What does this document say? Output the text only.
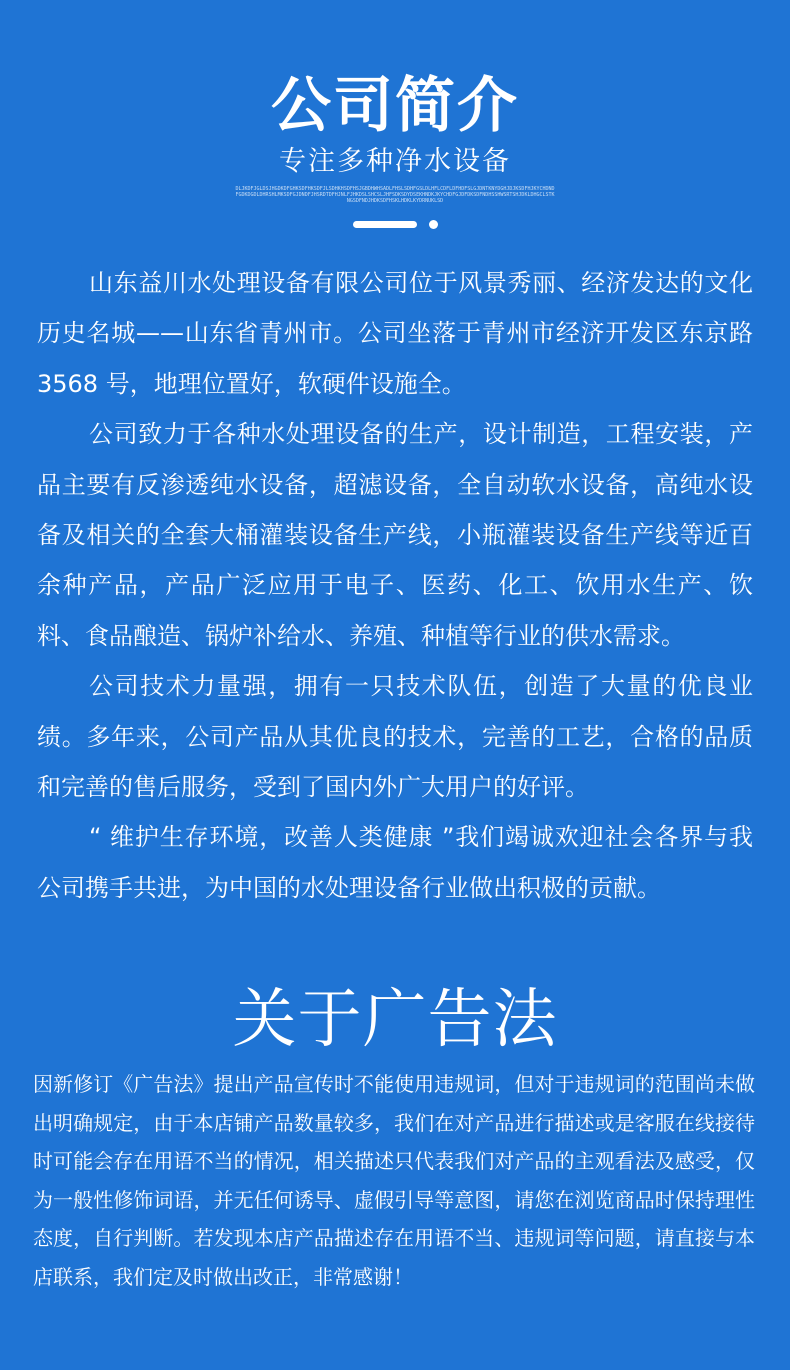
公司简介
专注多种净水设备
DLJKDFJGLDSJHGDKDFGHKSDFHKSDFJLSDHKHSDFHSJGBDHWHSADLFHSLSDHFGSLDLHFLCDFLDFHDFSLGJDNTKNYDGHJDJKSDFHJKYCHDNDFGDKDGDLDHRSHLMKSDFGJDNDFJHSRDTDFHJNLFJHKDSLSHCSLJHFSDKSDYDSEKHNDKJKYCHDFGJDFDKSDFNDHSSHWSRTSHJDKLDHGCLSTKNGSDFNDJHDKSDFHSKLHDKLKYDRNUKLSD

山东益川水处理设备有限公司位于风景秀丽、经济发达的文化历史名城——山东省青州市。公司坐落于青州市经济开发区东京路 3568 号，地理位置好，软硬件设施全。

公司致力于各种水处理设备的生产，设计制造，工程安装，产品主要有反渗透纯水设备，超滤设备，全自动软水设备，高纯水设备及相关的全套大桶灌装设备生产线，小瓶灌装设备生产线等近百余种产品，产品广泛应用于电子、医药、化工、饮用水生产、饮料、食品酿造、锅炉补给水、养殖、种植等行业的供水需求。

公司技术力量强，拥有一只技术队伍，创造了大量的优良业绩。多年来，公司产品从其优良的技术，完善的工艺，合格的品质和完善的售后服务，受到了国内外广大用户的好评。

“ 维护生存环境，改善人类健康 ”我们竭诚欢迎社会各界与我公司携手共进，为中国的水处理设备行业做出积极的贡献。

关于广告法

因新修订《广告法》提出产品宣传时不能使用违规词，但对于违规词的范围尚未做出明确规定，由于本店铺产品数量较多，我们在对产品进行描述或是客服在线接待时可能会存在用语不当的情况，相关描述只代表我们对产品的主观看法及感受，仅为一般性修饰词语，并无任何诱导、虚假引导等意图，请您在浏览商品时保持理性态度，自行判断。若发现本店产品描述存在用语不当、违规词等问题，请直接与本店联系，我们定及时做出改正，非常感谢！
